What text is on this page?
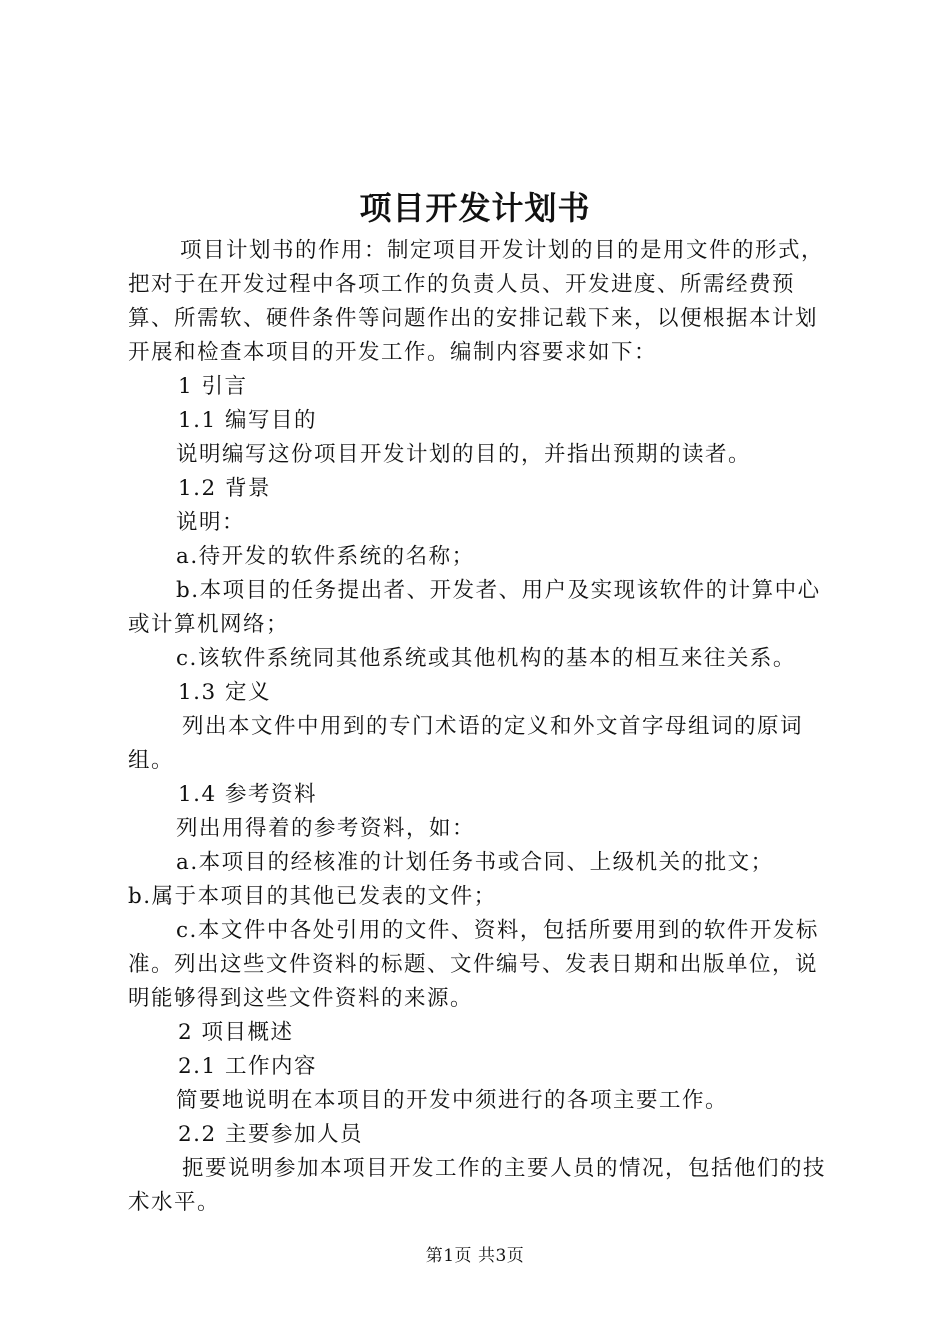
项目开发计划书

项目计划书的作用：制定项目开发计划的目的是用文件的形式，把对于在开发过程中各项工作的负责人员、开发进度、所需经费预算、所需软、硬件条件等问题作出的安排记载下来，以便根据本计划开展和检查本项目的开发工作。编制内容要求如下：

1 引言

1.1 编写目的

说明编写这份项目开发计划的目的，并指出预期的读者。

1.2 背景

说明：

a.待开发的软件系统的名称；

b.本项目的任务提出者、开发者、用户及实现该软件的计算中心或计算机网络；

c.该软件系统同其他系统或其他机构的基本的相互来往关系。

1.3 定义

列出本文件中用到的专门术语的定义和外文首字母组词的原词组。

1.4 参考资料

列出用得着的参考资料，如：

a.本项目的经核准的计划任务书或合同、上级机关的批文；

b.属于本项目的其他已发表的文件；

c.本文件中各处引用的文件、资料，包括所要用到的软件开发标准。列出这些文件资料的标题、文件编号、发表日期和出版单位，说明能够得到这些文件资料的来源。

2 项目概述

2.1 工作内容

简要地说明在本项目的开发中须进行的各项主要工作。

2.2 主要参加人员

扼要说明参加本项目开发工作的主要人员的情况，包括他们的技术水平。

第1页 共3页
